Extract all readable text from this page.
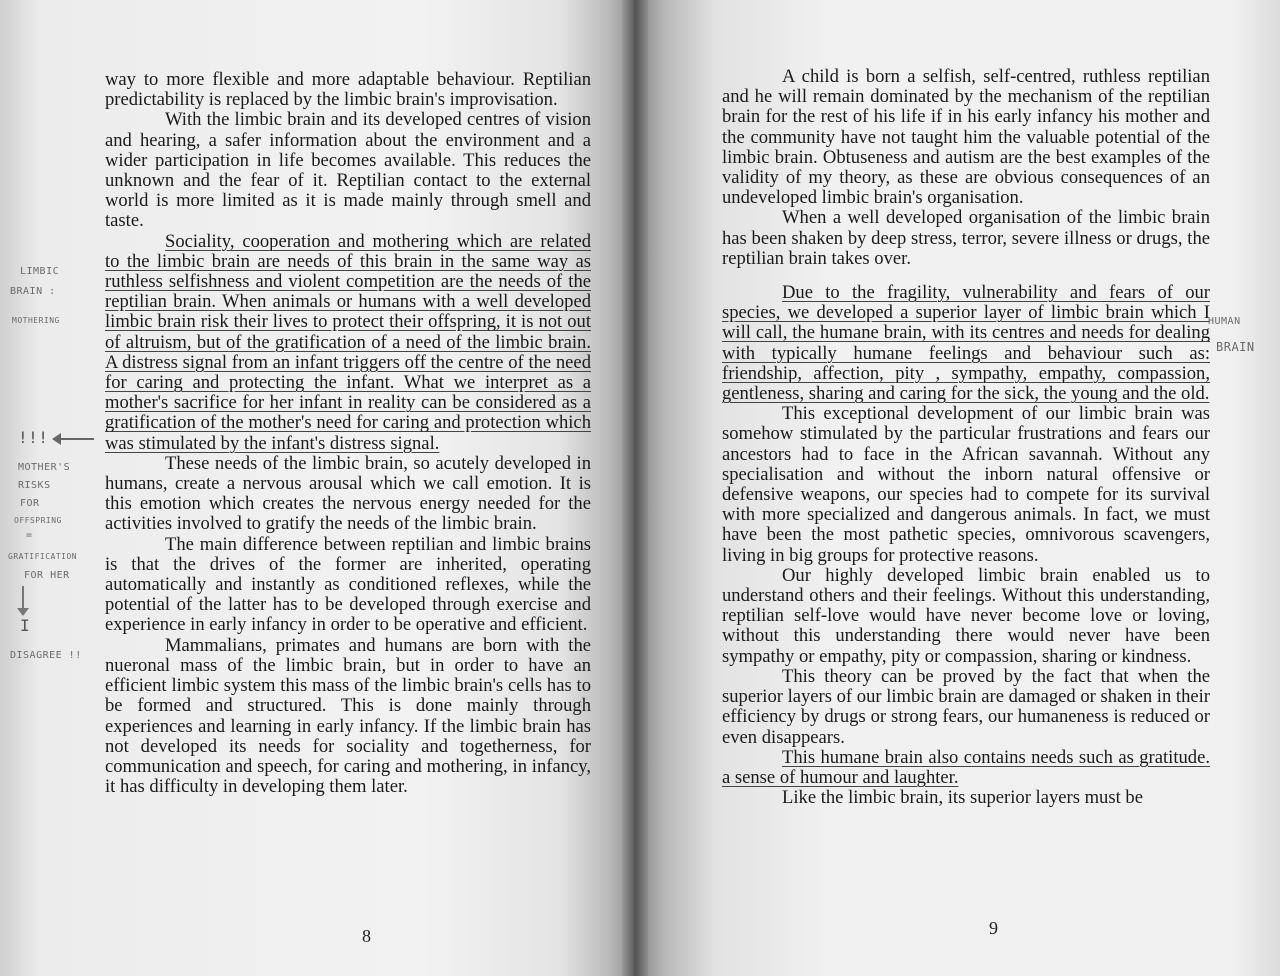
way to more flexible and more adaptable behaviour. Reptilian predictability is replaced by the limbic brain's improvisation.

With the limbic brain and its developed centres of vision and hearing, a safer information about the environment and a wider participation in life becomes available. This reduces the unknown and the fear of it. Reptilian contact to the external world is more limited as it is made mainly through smell and taste.

Sociality, cooperation and mothering which are related to the limbic brain are needs of this brain in the same way as ruthless selfishness and violent competition are the needs of the reptilian brain. When animals or humans with a well developed limbic brain risk their lives to protect their offspring, it is not out of altruism, but of the gratification of a need of the limbic brain. A distress signal from an infant triggers off the centre of the need for caring and protecting the infant. What we interpret as a mother's sacrifice for her infant in reality can be considered as a gratification of the mother's need for caring and protection which was stimulated by the infant's distress signal.

These needs of the limbic brain, so acutely developed in humans, create a nervous arousal which we call emotion. It is this emotion which creates the nervous energy needed for the activities involved to gratify the needs of the limbic brain.

The main difference between reptilian and limbic brains is that the drives of the former are inherited, operating automatically and instantly as conditioned reflexes, while the potential of the latter has to be developed through exercise and experience in early infancy in order to be operative and efficient.

Mammalians, primates and humans are born with the nueronal mass of the limbic brain, but in order to have an efficient limbic system this mass of the limbic brain's cells has to be formed and structured. This is done mainly through experiences and learning in early infancy. If the limbic brain has not developed its needs for sociality and togetherness, for communication and speech, for caring and mothering, in infancy, it has difficulty in developing them later.

8
LIMBIC
BRAIN :
MOTHERING
!!!
MOTHER'S
RISKS
FOR
OFFSPRING
=
GRATIFICATION
FOR HER
I
DISAGREE !!

A child is born a selfish, self-centred, ruthless reptilian and he will remain dominated by the mechanism of the reptilian brain for the rest of his life if in his early infancy his mother and the community have not taught him the valuable potential of the limbic brain. Obtuseness and autism are the best examples of the validity of my theory, as these are obvious consequences of an undeveloped limbic brain's organisation.

When a well developed organisation of the limbic brain has been shaken by deep stress, terror, severe illness or drugs, the reptilian brain takes over.

Due to the fragility, vulnerability and fears of our species, we developed a superior layer of limbic brain which I will call, the humane brain, with its centres and needs for dealing with typically humane feelings and behaviour such as: friendship, affection, pity , sympathy, empathy, compassion, gentleness, sharing and caring for the sick, the young and the old.

This exceptional development of our limbic brain was somehow stimulated by the particular frustrations and fears our ancestors had to face in the African savannah. Without any specialisation and without the inborn natural offensive or defensive weapons, our species had to compete for its survival with more specialized and dangerous animals. In fact, we must have been the most pathetic species, omnivorous scavengers, living in big groups for protective reasons.

Our highly developed limbic brain enabled us to understand others and their feelings. Without this understanding, reptilian self-love would have never become love or loving, without this understanding there would never have been sympathy or empathy, pity or compassion, sharing or kindness.

This theory can be proved by the fact that when the superior layers of our limbic brain are damaged or shaken in their efficiency by drugs or strong fears, our humaneness is reduced or even disappears.

This humane brain also contains needs such as gratitude. a sense of humour and laughter.

Like the limbic brain, its superior layers must be

9
HUMAN
BRAIN
